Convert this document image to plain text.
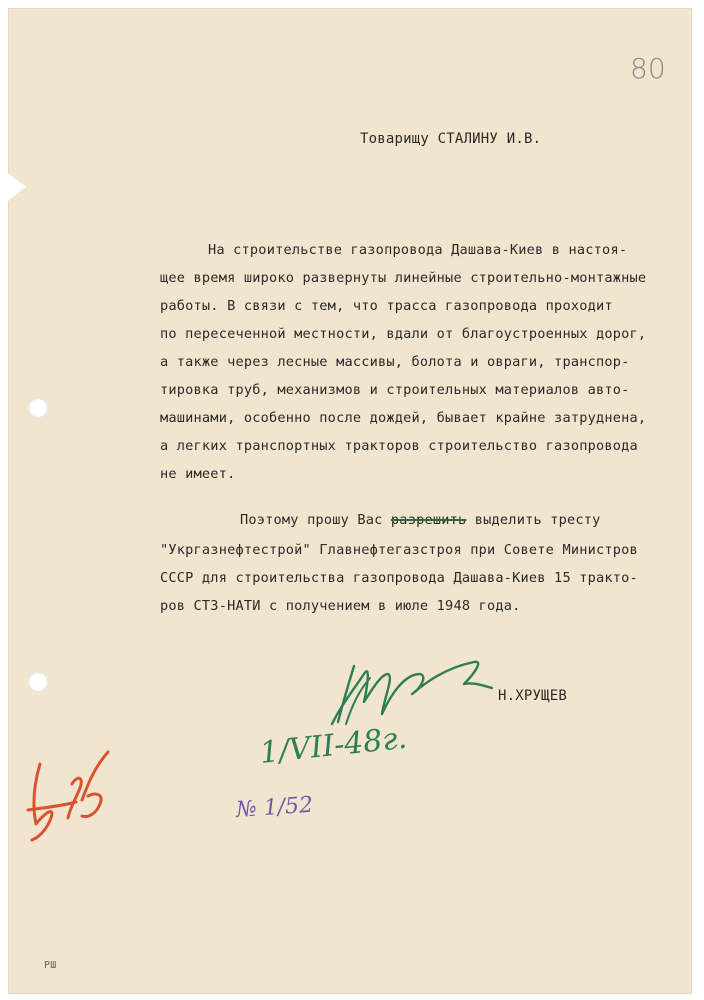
80
Товарищу СТАЛИНУ И.В.

На строительстве газопровода Дашава-Киев в настоя-

щее время широко развернуты линейные строительно-монтажные

работы. В связи с тем, что трасса газопровода проходит

по пересеченной местности, вдали от благоустроенных дорог,

а также через лесные массивы, болота и овраги, транспор-

тировка труб, механизмов и строительных материалов авто-

машинами, особенно после дождей, бывает крайне затруднена,

а легких транспортных тракторов строительство газопровода

не имеет.

Поэтому прошу Вас разрешить выделить тресту

"Укргазнефтестрой" Главнефтегазстроя при Совете Министров

СССР для строительства газопровода Дашава-Киев 15 тракто-

ров СТЗ-НАТИ с получением в июле 1948 года.

Н.ХРУЩЕВ
1/VII-48г.
№ 1/52
РШ
